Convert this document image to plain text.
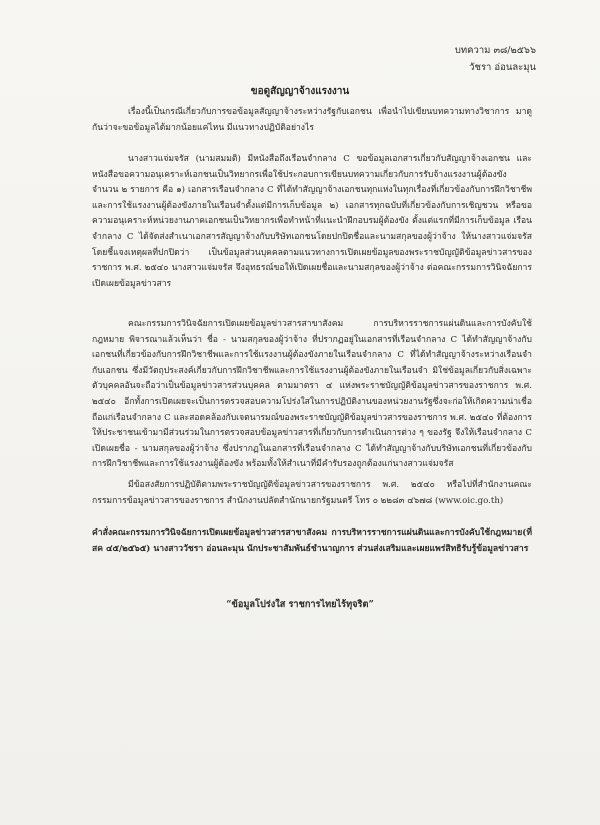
บทความ ๓๘/๒๕๖๖
วัชรา อ่อนละมุน
ขอดูสัญญาจ้างแรงงาน
เรื่องนี้เป็นกรณีเกี่ยวกับการขอข้อมูลสัญญาจ้างระหว่างรัฐกับเอกชน เพื่อนำไปเขียนบทความทางวิชาการ มาดูกันว่าจะขอข้อมูลได้มากน้อยแค่ไหน มีแนวทางปฏิบัติอย่างไร
นางสาวแจ่มจรัส (นามสมมติ) มีหนังสือถึงเรือนจำกลาง C ขอข้อมูลเอกสารเกี่ยวกับสัญญาจ้างเอกชน และหนังสือขอความอนุเคราะห์เอกชนเป็นวิทยากรเพื่อใช้ประกอบการเขียนบทความเกี่ยวกับการรับจ้างแรงงานผู้ต้องขัง จำนวน ๒ รายการ คือ ๑) เอกสารเรือนจำกลาง C ที่ได้ทำสัญญาจ้างเอกชนทุกแห่งในทุกเรื่องที่เกี่ยวข้องกับการฝึกวิชาชีพและการใช้แรงงานผู้ต้องขังภายในเรือนจำตั้งแต่มีการเก็บข้อมูล ๒) เอกสารทุกฉบับที่เกี่ยวข้องกับการเชิญชวน หรือขอความอนุเคราะห์หน่วยงานภาคเอกชนเป็นวิทยากรเพื่อทำหน้าที่แนะนำฝึกอบรมผู้ต้องขัง ตั้งแต่แรกที่มีการเก็บข้อมูล เรือนจำกลาง C ได้จัดส่งสำเนาเอกสารสัญญาจ้างกับบริษัทเอกชนโดยปกปิดชื่อและนามสกุลของผู้ว่าจ้าง ให้นางสาวแจ่มจรัส โดยชี้แจงเหตุผลที่ปกปิดว่า เป็นข้อมูลส่วนบุคคลตามแนวทางการเปิดเผยข้อมูลของพระราชบัญญัติข้อมูลข่าวสารของราชการ พ.ศ. ๒๕๔๐ นางสาวแจ่มจรัส จึงอุทธรณ์ขอให้เปิดเผยชื่อและนามสกุลของผู้ว่าจ้าง ต่อคณะกรรมการวินิจฉัยการเปิดเผยข้อมูลข่าวสาร
คณะกรรมการวินิจฉัยการเปิดเผยข้อมูลข่าวสารสาขาสังคม การบริหารราชการแผ่นดินและการบังคับใช้กฎหมาย พิจารณาแล้วเห็นว่า ชื่อ - นามสกุลของผู้ว่าจ้าง ที่ปรากฏอยู่ในเอกสารที่เรือนจำกลาง C ได้ทำสัญญาจ้างกับเอกชนที่เกี่ยวข้องกับการฝึกวิชาชีพและการใช้แรงงานผู้ต้องขังภายในเรือนจำกลาง C ที่ได้ทำสัญญาจ้างระหว่างเรือนจำกับเอกชน ซึ่งมีวัตถุประสงค์เกี่ยวกับการฝึกวิชาชีพและการใช้แรงงานผู้ต้องขังภายในเรือนจำ มิใช่ข้อมูลเกี่ยวกับสิ่งเฉพาะตัวบุคคลอันจะถือว่าเป็นข้อมูลข่าวสารส่วนบุคคล ตามมาตรา ๔ แห่งพระราชบัญญัติข้อมูลข่าวสารของราชการ พ.ศ. ๒๕๔๐ อีกทั้งการเปิดเผยจะเป็นการตรวจสอบความโปร่งใสในการปฏิบัติงานของหน่วยงานรัฐซึ่งจะก่อให้เกิดความน่าเชื่อถือแก่เรือนจำกลาง C และสอดคล้องกับเจตนารมณ์ของพระราชบัญญัติข้อมูลข่าวสารของราชการ พ.ศ. ๒๕๔๐ ที่ต้องการให้ประชาชนเข้ามามีส่วนร่วมในการตรวจสอบข้อมูลข่าวสารที่เกี่ยวกับการดำเนินการต่าง ๆ ของรัฐ จึงให้เรือนจำกลาง C เปิดเผยชื่อ - นามสกุลของผู้ว่าจ้าง ซึ่งปรากฏในเอกสารที่เรือนจำกลาง C ได้ทำสัญญาจ้างกับบริษัทเอกชนที่เกี่ยวข้องกับการฝึกวิชาชีพและการใช้แรงงานผู้ต้องขัง พร้อมทั้งให้สำเนาที่มีคำรับรองถูกต้องแก่นางสาวแจ่มจรัส
มีข้อสงสัยการปฏิบัติตามพระราชบัญญัติข้อมูลข่าวสารของราชการ พ.ศ. ๒๕๔๐ หรือไปที่สำนักงานคณะกรรมการข้อมูลข่าวสารของราชการ สำนักงานปลัดสำนักนายกรัฐมนตรี โทร ๐ ๒๒๘๓ ๔๖๗๘ (www.oic.go.th)
คำสั่งคณะกรรมการวินิจฉัยการเปิดเผยข้อมูลข่าวสารสาขาสังคม การบริหารราชการแผ่นดินและการบังคับใช้กฎหมาย(ที่ สค ๔๕/๒๕๖๕) นางสาววัชรา อ่อนละมุน นักประชาสัมพันธ์ชำนาญการ ส่วนส่งเสริมและเผยแพร่สิทธิรับรู้ข้อมูลข่าวสาร
“ข้อมูลโปร่งใส ราชการไทยไร้ทุจริต”
